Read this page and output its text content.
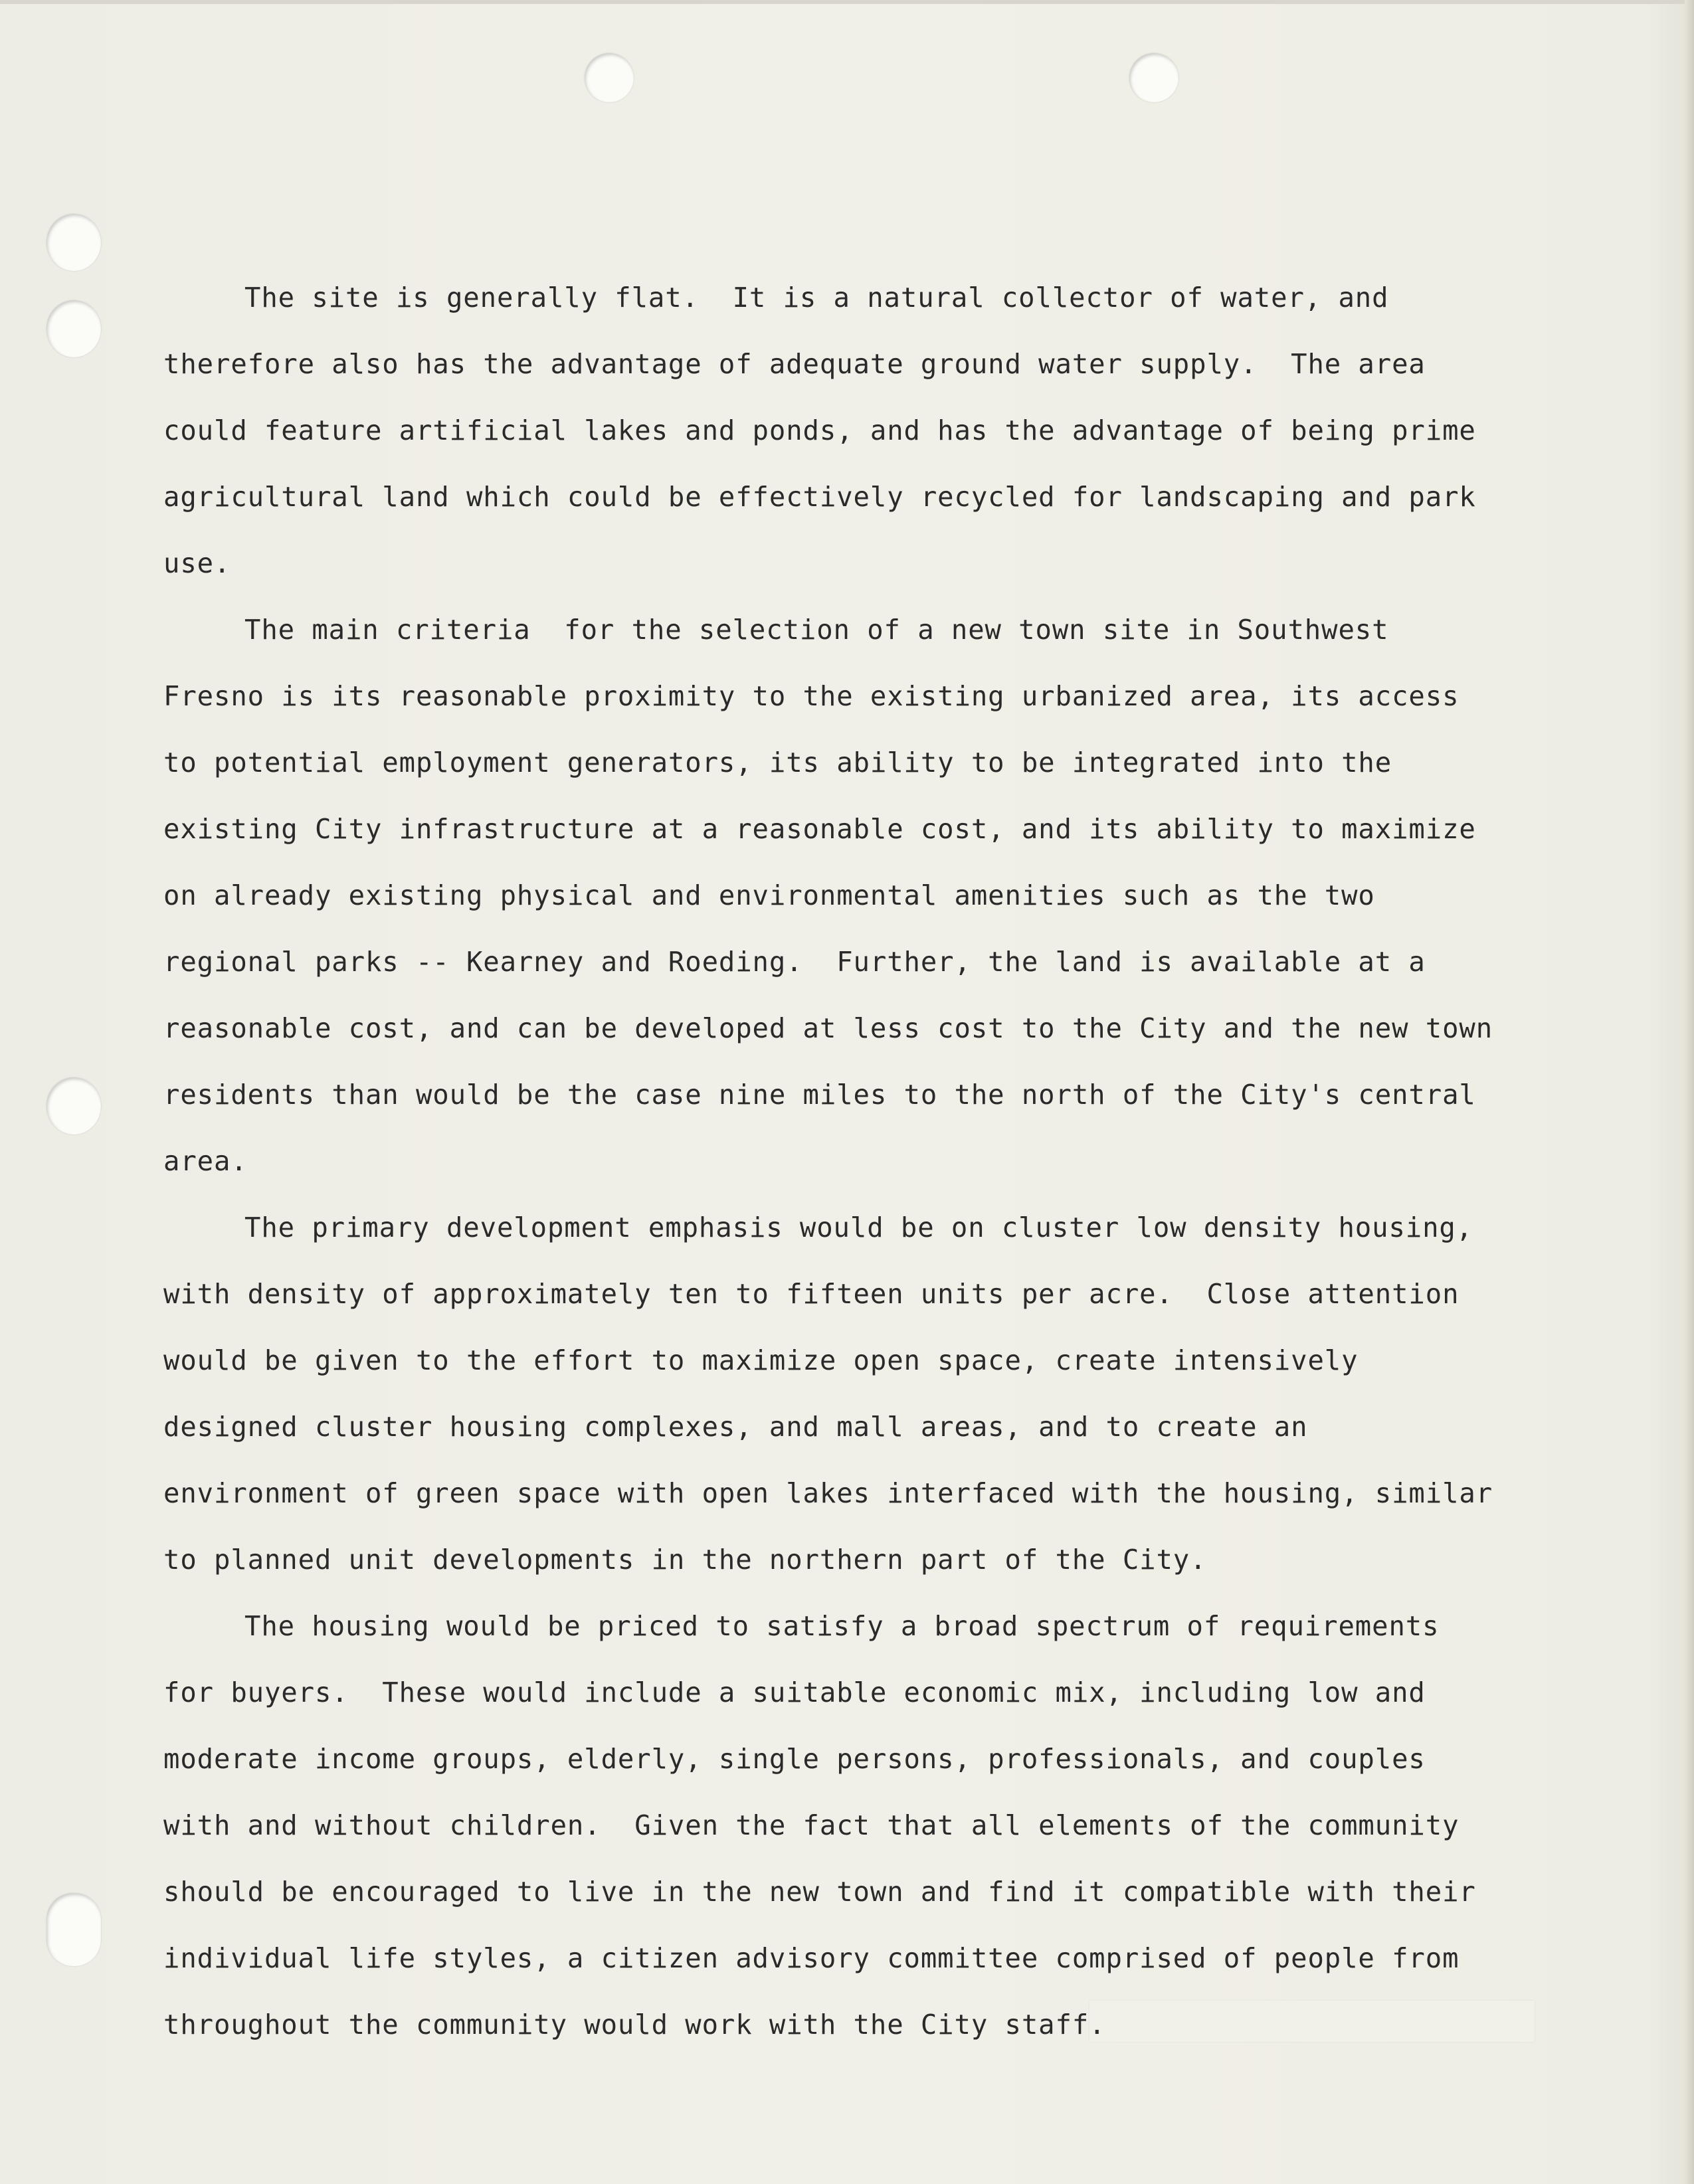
The site is generally flat.  It is a natural collector of water, and
therefore also has the advantage of adequate ground water supply.  The area
could feature artificial lakes and ponds, and has the advantage of being prime
agricultural land which could be effectively recycled for landscaping and park
use.
The main criteria  for the selection of a new town site in Southwest
Fresno is its reasonable proximity to the existing urbanized area, its access
to potential employment generators, its ability to be integrated into the
existing City infrastructure at a reasonable cost, and its ability to maximize
on already existing physical and environmental amenities such as the two
regional parks -- Kearney and Roeding.  Further, the land is available at a
reasonable cost, and can be developed at less cost to the City and the new town
residents than would be the case nine miles to the north of the City's central
area.
The primary development emphasis would be on cluster low density housing,
with density of approximately ten to fifteen units per acre.  Close attention
would be given to the effort to maximize open space, create intensively
designed cluster housing complexes, and mall areas, and to create an
environment of green space with open lakes interfaced with the housing, similar
to planned unit developments in the northern part of the City.
The housing would be priced to satisfy a broad spectrum of requirements
for buyers.  These would include a suitable economic mix, including low and
moderate income groups, elderly, single persons, professionals, and couples
with and without children.  Given the fact that all elements of the community
should be encouraged to live in the new town and find it compatible with their
individual life styles, a citizen advisory committee comprised of people from
throughout the community would work with the City staff.
